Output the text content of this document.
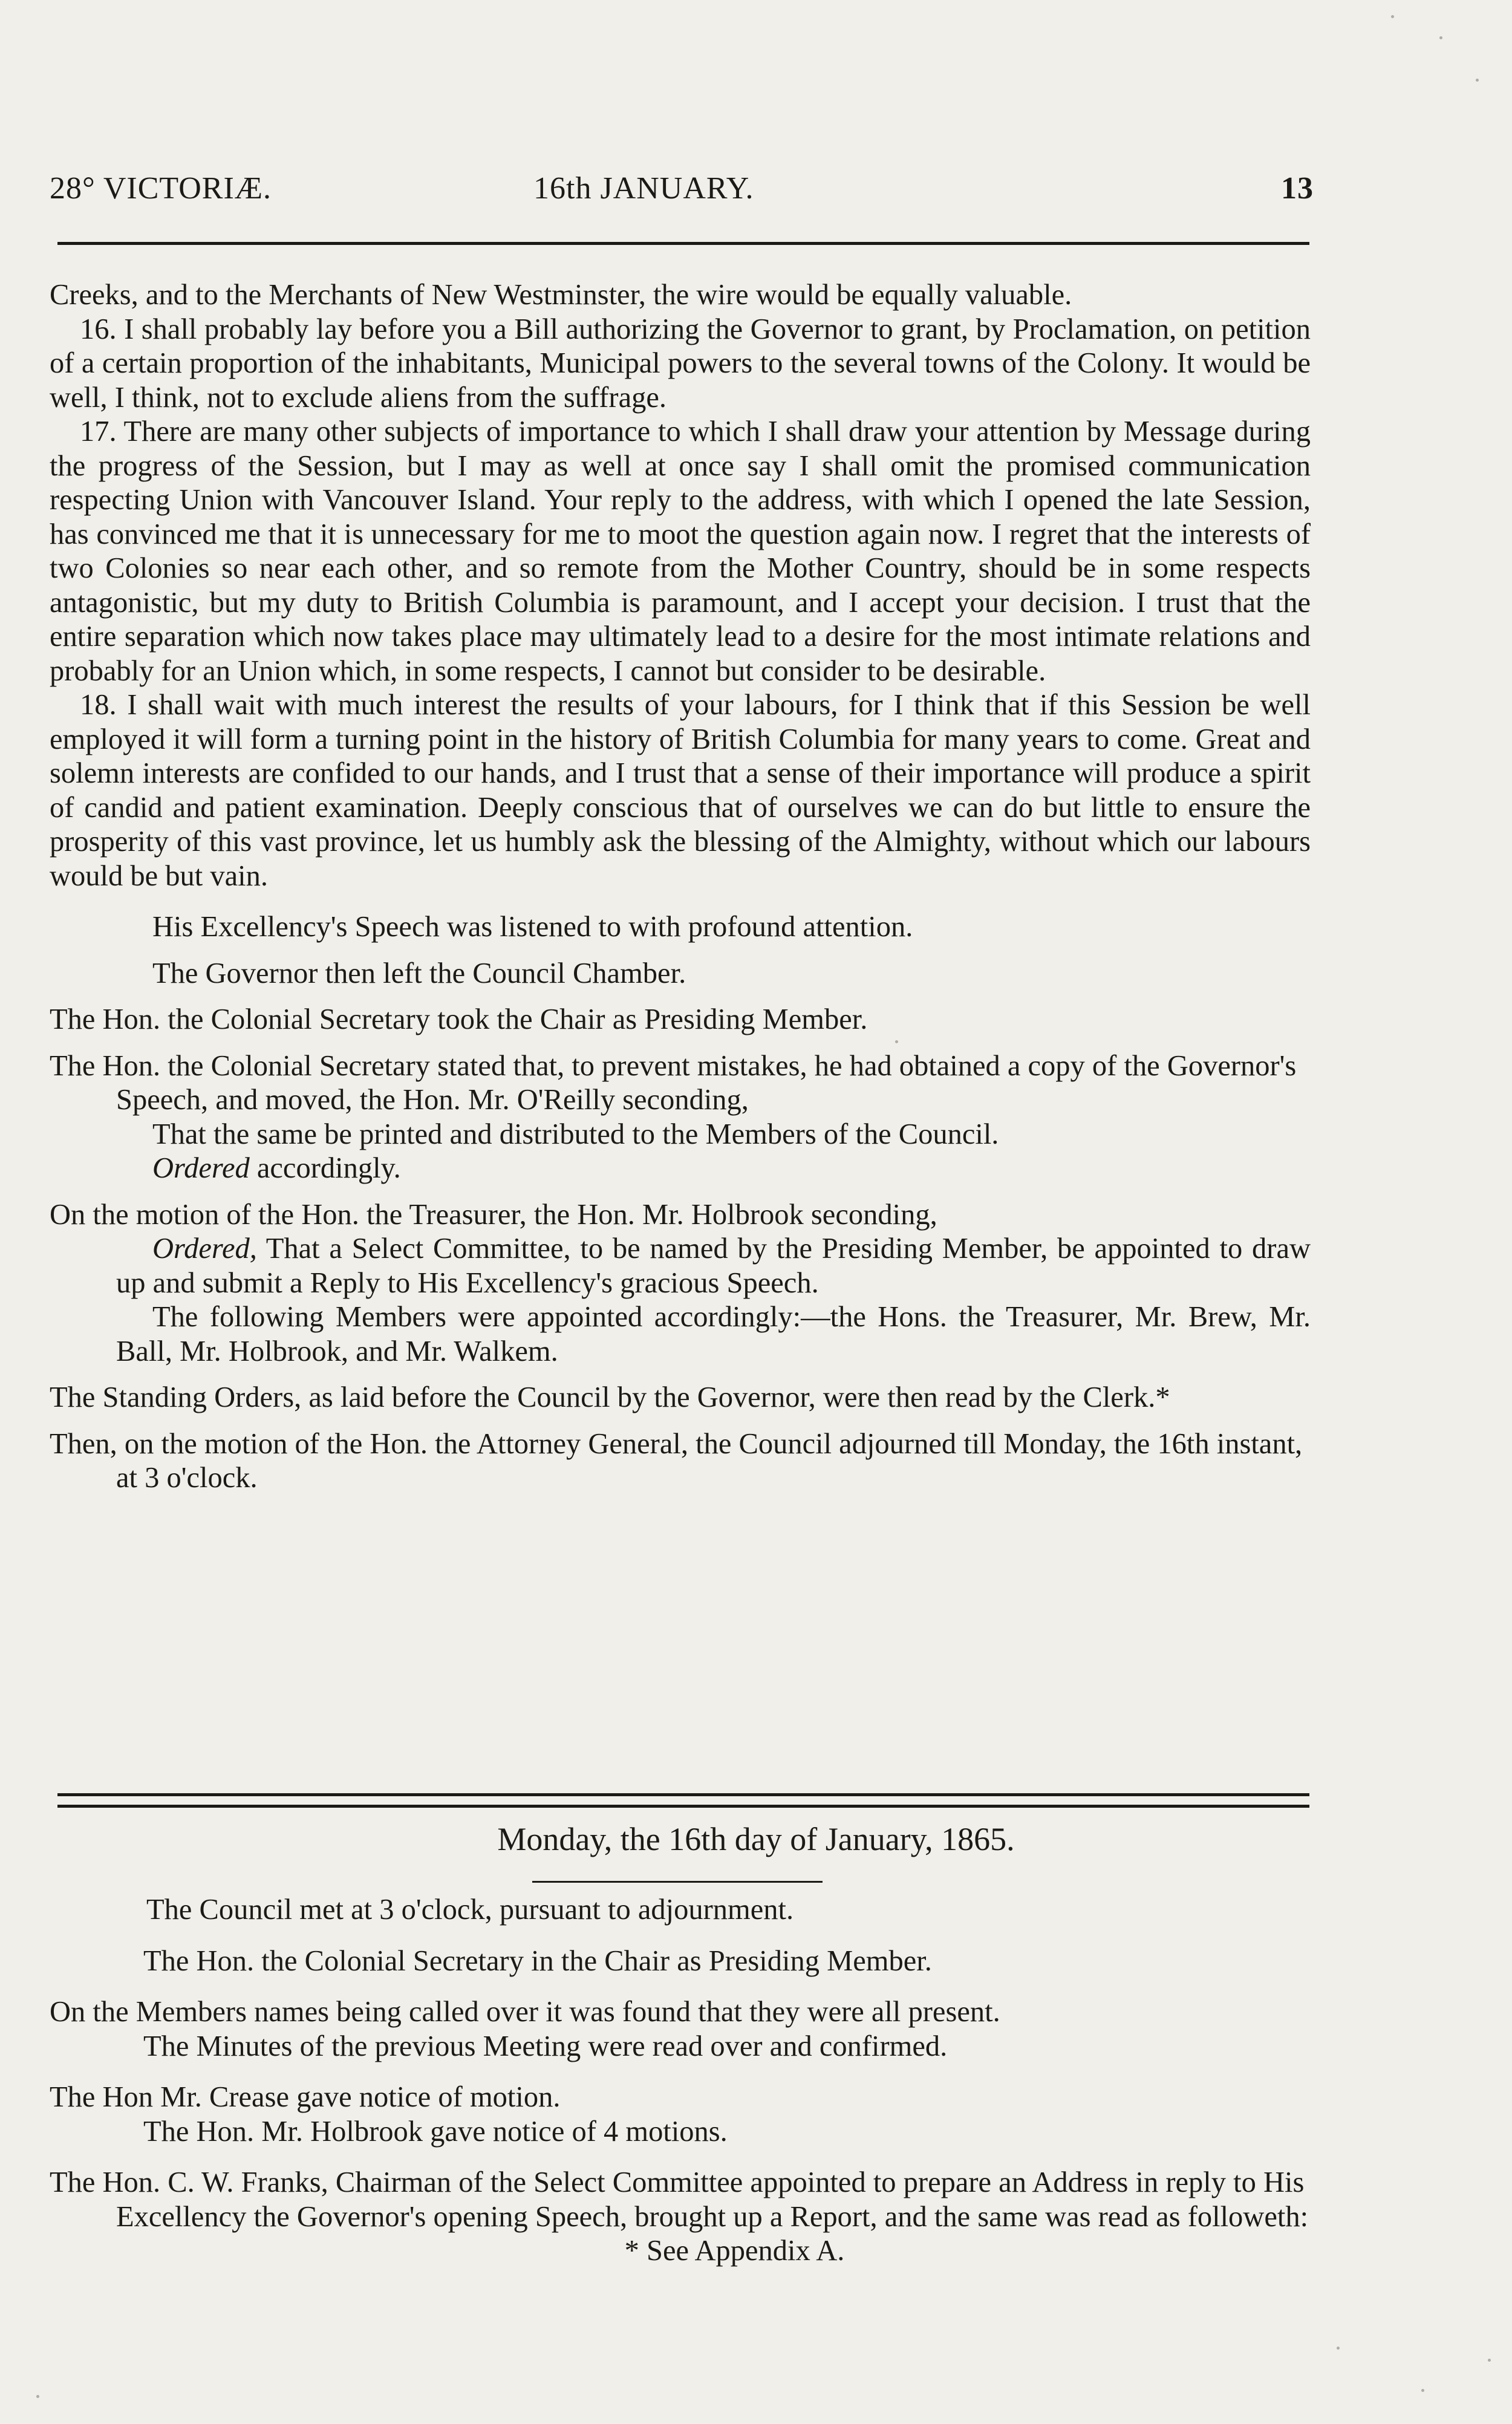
28° VICTORIÆ.	16th JANUARY.	13

Creeks, and to the Merchants of New Westminster, the wire would be equally valuable.

16. I shall probably lay before you a Bill authorizing the Governor to grant, by Proclamation, on petition of a certain proportion of the inhabitants, Municipal powers to the several towns of the Colony. It would be well, I think, not to exclude aliens from the suffrage.

17. There are many other subjects of importance to which I shall draw your attention by Message during the progress of the Session, but I may as well at once say I shall omit the promised communication respecting Union with Vancouver Island. Your reply to the address, with which I opened the late Session, has convinced me that it is unnecessary for me to moot the question again now. I regret that the interests of two Colonies so near each other, and so remote from the Mother Country, should be in some respects antagonistic, but my duty to British Columbia is paramount, and I accept your decision. I trust that the entire separation which now takes place may ultimately lead to a desire for the most intimate relations and probably for an Union which, in some respects, I cannot but consider to be desirable.

18. I shall wait with much interest the results of your labours, for I think that if this Session be well employed it will form a turning point in the history of British Columbia for many years to come. Great and solemn interests are confided to our hands, and I trust that a sense of their importance will produce a spirit of candid and patient examination. Deeply conscious that of ourselves we can do but little to ensure the prosperity of this vast province, let us humbly ask the blessing of the Almighty, without which our labours would be but vain.

His Excellency's Speech was listened to with profound attention.

The Governor then left the Council Chamber.

The Hon. the Colonial Secretary took the Chair as Presiding Member.

The Hon. the Colonial Secretary stated that, to prevent mistakes, he had obtained a copy of the Governor's Speech, and moved, the Hon. Mr. O'Reilly seconding,

That the same be printed and distributed to the Members of the Council.

Ordered accordingly.

On the motion of the Hon. the Treasurer, the Hon. Mr. Holbrook seconding,

Ordered, That a Select Committee, to be named by the Presiding Member, be appointed to draw up and submit a Reply to His Excellency's gracious Speech.

The following Members were appointed accordingly:—the Hons. the Treasurer, Mr. Brew, Mr. Ball, Mr. Holbrook, and Mr. Walkem.

The Standing Orders, as laid before the Council by the Governor, were then read by the Clerk.*

Then, on the motion of the Hon. the Attorney General, the Council adjourned till Monday, the 16th instant, at 3 o'clock.

Monday, the 16th day of January, 1865.

The Council met at 3 o'clock, pursuant to adjournment.

The Hon. the Colonial Secretary in the Chair as Presiding Member.

On the Members names being called over it was found that they were all present.

The Minutes of the previous Meeting were read over and confirmed.

The Hon Mr. Crease gave notice of motion.

The Hon. Mr. Holbrook gave notice of 4 motions.

The Hon. C. W. Franks, Chairman of the Select Committee appointed to prepare an Address in reply to His Excellency the Governor's opening Speech, brought up a Report, and the same was read as followeth:

* See Appendix A.
